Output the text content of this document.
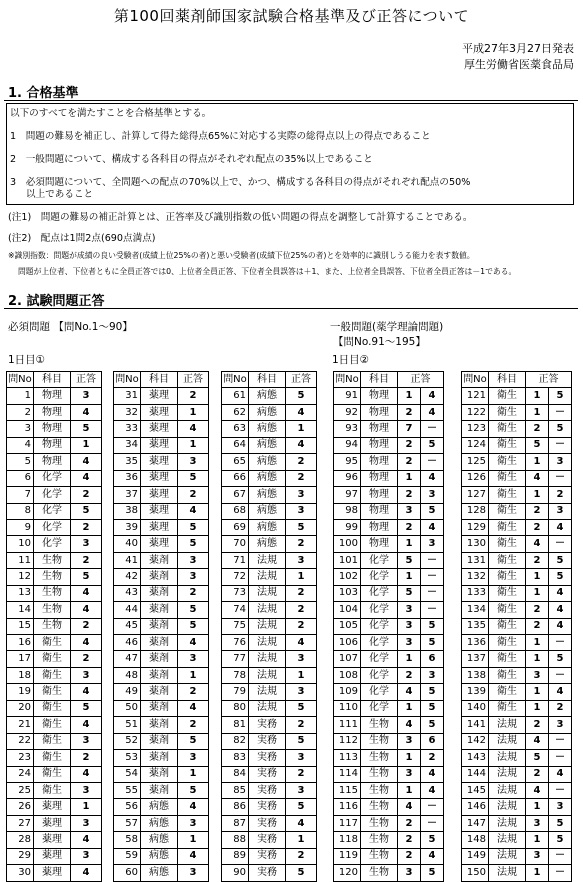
第100回薬剤師国家試験合格基準及び正答について
平成27年3月27日発表
厚生労働省医薬食品局
1. 合格基準
以下のすべてを満たすことを合格基準とする。
1　問題の難易を補正し、計算して得た総得点65%に対応する実際の総得点以上の得点であること
2　一般問題について、構成する各科目の得点がそれぞれ配点の35%以上であること
3　必須問題について、全問題への配点の70%以上で、かつ、構成する各科目の得点がそれぞれ配点の50%
以上であること
(注1)　問題の難易の補正計算とは、正答率及び識別指数の低い問題の得点を調整して計算することである。
(注2)　配点は1問2点(690点満点)
※識別指数：問題が成績の良い受験者(成績上位25%の者)と悪い受験者(成績下位25%の者)とを効率的に識別しうる能力を表す数値。
問題が上位者、下位者ともに全員正答では0、上位者全員正答、下位者全員誤答は＋1、また、上位者全員誤答、下位者全員正答は－1である。
2. 試験問題正答
必須問題 【問No.1～90】	一般問題(薬学理論問題)
【問No.91～195】
1日目①	1日目②
問No	科目	正答
1	物理	3
2	物理	4
3	物理	5
4	物理	1
5	物理	4
6	化学	4
7	化学	2
8	化学	5
9	化学	2
10	化学	3
11	生物	2
12	生物	5
13	生物	4
14	生物	4
15	生物	2
16	衛生	4
17	衛生	2
18	衛生	3
19	衛生	4
20	衛生	5
21	衛生	4
22	衛生	3
23	衛生	2
24	衛生	4
25	衛生	3
26	薬理	1
27	薬理	3
28	薬理	4
29	薬理	3
30	薬理	4
問No	科目	正答
31	薬理	2
32	薬理	1
33	薬理	4
34	薬理	1
35	薬理	3
36	薬理	5
37	薬理	2
38	薬理	4
39	薬理	5
40	薬理	5
41	薬剤	3
42	薬剤	3
43	薬剤	2
44	薬剤	5
45	薬剤	5
46	薬剤	4
47	薬剤	3
48	薬剤	1
49	薬剤	2
50	薬剤	4
51	薬剤	2
52	薬剤	5
53	薬剤	3
54	薬剤	1
55	薬剤	5
56	病態	4
57	病態	3
58	病態	1
59	病態	4
60	病態	3
問No	科目	正答
61	病態	5
62	病態	4
63	病態	1
64	病態	4
65	病態	2
66	病態	2
67	病態	3
68	病態	3
69	病態	5
70	病態	2
71	法規	3
72	法規	1
73	法規	2
74	法規	2
75	法規	2
76	法規	4
77	法規	3
78	法規	1
79	法規	3
80	法規	5
81	実務	2
82	実務	5
83	実務	3
84	実務	2
85	実務	3
86	実務	5
87	実務	4
88	実務	1
89	実務	2
90	実務	5
問No	科目	正答	
91	物理	1	4
92	物理	2	4
93	物理	7	－
94	物理	2	5
95	物理	2	－
96	物理	1	4
97	物理	2	3
98	物理	3	5
99	物理	2	4
100	物理	1	3
101	化学	5	－
102	化学	1	－
103	化学	5	－
104	化学	3	－
105	化学	3	5
106	化学	3	5
107	化学	1	6
108	化学	2	3
109	化学	4	5
110	化学	1	5
111	生物	4	5
112	生物	3	6
113	生物	1	2
114	生物	3	4
115	生物	1	4
116	生物	4	－
117	生物	2	－
118	生物	2	5
119	生物	2	4
120	生物	3	5
問No	科目	正答	
121	衛生	1	5
122	衛生	1	－
123	衛生	2	5
124	衛生	5	－
125	衛生	1	3
126	衛生	4	－
127	衛生	1	2
128	衛生	2	3
129	衛生	2	4
130	衛生	4	－
131	衛生	2	5
132	衛生	1	5
133	衛生	1	4
134	衛生	2	4
135	衛生	2	4
136	衛生	1	－
137	衛生	1	5
138	衛生	3	－
139	衛生	1	4
140	衛生	1	2
141	法規	2	3
142	法規	4	－
143	法規	5	－
144	法規	2	4
145	法規	4	－
146	法規	1	3
147	法規	3	5
148	法規	1	5
149	法規	3	－
150	法規	1	－
